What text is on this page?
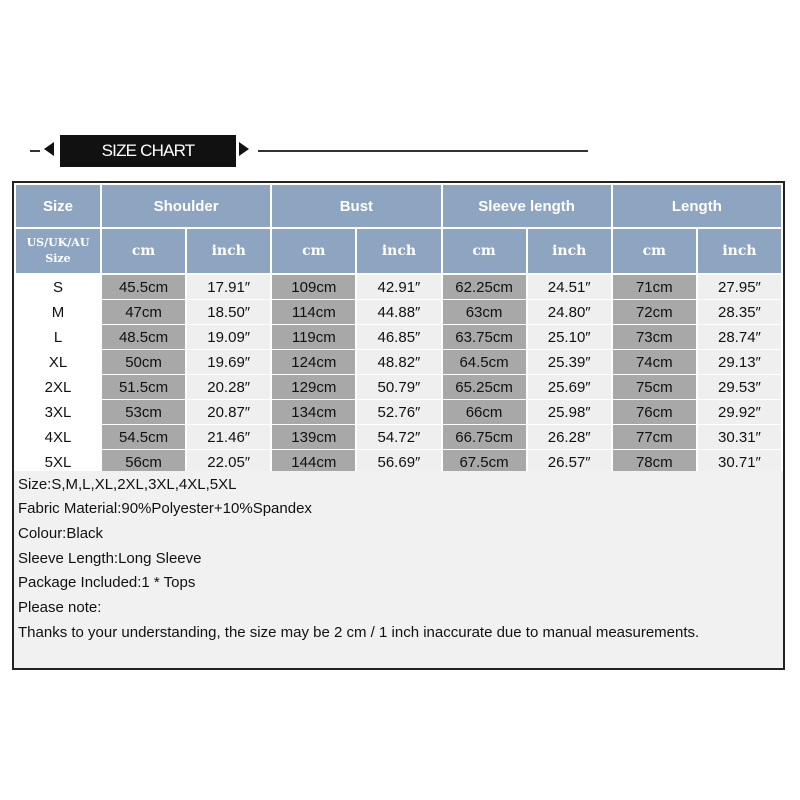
SIZE CHART
Size	Shoulder		Bust		Sleeve length		Length	
US/UK/AU
Size	cm	inch	cm	inch	cm	inch	cm	inch
S	45.5cm	17.91″	109cm	42.91″	62.25cm	24.51″	71cm	27.95″
M	47cm	18.50″	114cm	44.88″	63cm	24.80″	72cm	28.35″
L	48.5cm	19.09″	119cm	46.85″	63.75cm	25.10″	73cm	28.74″
XL	50cm	19.69″	124cm	48.82″	64.5cm	25.39″	74cm	29.13″
2XL	51.5cm	20.28″	129cm	50.79″	65.25cm	25.69″	75cm	29.53″
3XL	53cm	20.87″	134cm	52.76″	66cm	25.98″	76cm	29.92″
4XL	54.5cm	21.46″	139cm	54.72″	66.75cm	26.28″	77cm	30.31″
5XL	56cm	22.05″	144cm	56.69″	67.5cm	26.57″	78cm	30.71″
Size:S,M,L,XL,2XL,3XL,4XL,5XL
Fabric Material:90%Polyester+10%Spandex
Colour:Black
Sleeve Length:Long Sleeve
Package Included:1 * Tops
Please note:
Thanks to your understanding, the size may be 2 cm / 1 inch inaccurate due to manual measurements.
